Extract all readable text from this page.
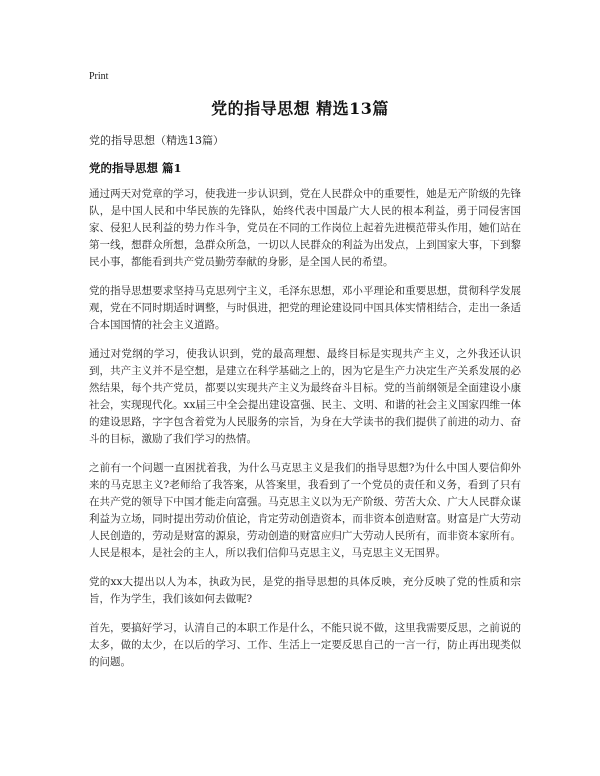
Print
党的指导思想 精选13篇
党的指导思想（精选13篇）
党的指导思想 篇1

通过两天对党章的学习，使我进一步认识到，党在人民群众中的重要性，她是无产阶级的先锋队，是中国人民和中华民族的先锋队，始终代表中国最广大人民的根本利益，勇于同侵害国家、侵犯人民利益的势力作斗争，党员在不同的工作岗位上起着先进模范带头作用，她们站在第一线，想群众所想，急群众所急，一切以人民群众的利益为出发点，上到国家大事，下到黎民小事，都能看到共产党员勤劳奉献的身影，是全国人民的希望。

党的指导思想要求坚持马克思列宁主义，毛泽东思想，邓小平理论和重要思想，贯彻科学发展观，党在不同时期适时调整，与时俱进，把党的理论建设同中国具体实情相结合，走出一条适合本国国情的社会主义道路。

通过对党纲的学习，使我认识到，党的最高理想、最终目标是实现共产主义，之外我还认识到，共产主义并不是空想，是建立在科学基础之上的，因为它是生产力决定生产关系发展的必然结果，每个共产党员，都要以实现共产主义为最终奋斗目标。党的当前纲领是全面建设小康社会，实现现代化。xx届三中全会提出建设富强、民主、文明、和谐的社会主义国家四维一体的建设思路，字字包含着党为人民服务的宗旨，为身在大学读书的我们提供了前进的动力、奋斗的目标，激励了我们学习的热情。

之前有一个问题一直困扰着我，为什么马克思主义是我们的指导思想?为什么中国人要信仰外来的马克思主义?老师给了我答案，从答案里，我看到了一个党员的责任和义务，看到了只有在共产党的领导下中国才能走向富强。马克思主义以为无产阶级、劳苦大众、广大人民群众谋利益为立场，同时提出劳动价值论，肯定劳动创造资本，而非资本创造财富。财富是广大劳动人民创造的，劳动是财富的源泉，劳动创造的财富应归广大劳动人民所有，而非资本家所有。人民是根本，是社会的主人，所以我们信仰马克思主义，马克思主义无国界。

党的xx大提出以人为本，执政为民，是党的指导思想的具体反映，充分反映了党的性质和宗旨，作为学生，我们该如何去做呢?

首先，要搞好学习，认清自己的本职工作是什么，不能只说不做，这里我需要反思，之前说的太多，做的太少，在以后的学习、工作、生活上一定要反思自己的一言一行，防止再出现类似的问题。
